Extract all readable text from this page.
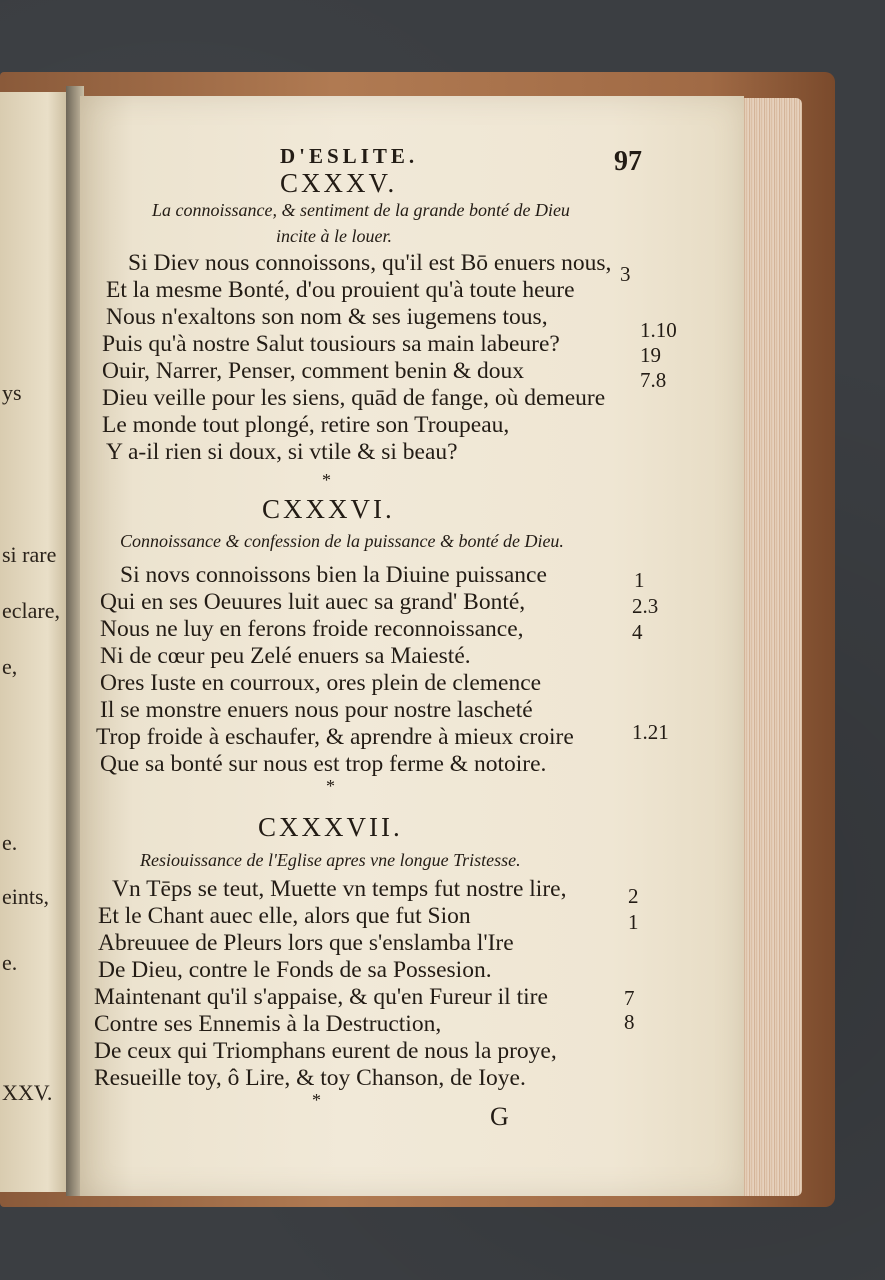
ys
si rare
eclare,
e,
e.
eints,
e.
XXV.
D'ESLITE.	97
CXXXV.
La connoissance, & sentiment de la grande bonté de Dieu
incite à le louer.
Si Diev nous connoissons, qu'il est Bō enuers nous,
Et la mesme Bonté, d'ou prouient qu'à toute heure
Nous n'exaltons son nom & ses iugemens tous,
Puis qu'à nostre Salut tousiours sa main labeure?
Ouir, Narrer, Penser, comment benin & doux
Dieu veille pour les siens, quād de fange, où demeure
Le monde tout plongé, retire son Troupeau,
Y a-il rien si doux, si vtile & si beau?
3
1.10
19
7.8
*
CXXXVI.
Connoissance & confession de la puissance & bonté de Dieu.
Si novs connoissons bien la Diuine puissance
Qui en ses Oeuures luit auec sa grand' Bonté,
Nous ne luy en ferons froide reconnoissance,
Ni de cœur peu Zelé enuers sa Maiesté.
Ores Iuste en courroux, ores plein de clemence
Il se monstre enuers nous pour nostre lascheté
Trop froide à eschaufer, & aprendre à mieux croire
Que sa bonté sur nous est trop ferme & notoire.
1
2.3
4
1.21
*
CXXXVII.
Resiouissance de l'Eglise apres vne longue Tristesse.
Vn Tēps se teut, Muette vn temps fut nostre lire,
Et le Chant auec elle, alors que fut Sion
Abreuuee de Pleurs lors que s'enslamba l'Ire
De Dieu, contre le Fonds de sa Possesion.
Maintenant qu'il s'appaise, & qu'en Fureur il tire
Contre ses Ennemis à la Destruction,
De ceux qui Triomphans eurent de nous la proye,
Resueille toy, ô Lire, & toy Chanson, de Ioye.
2
1
7
8
*
G
